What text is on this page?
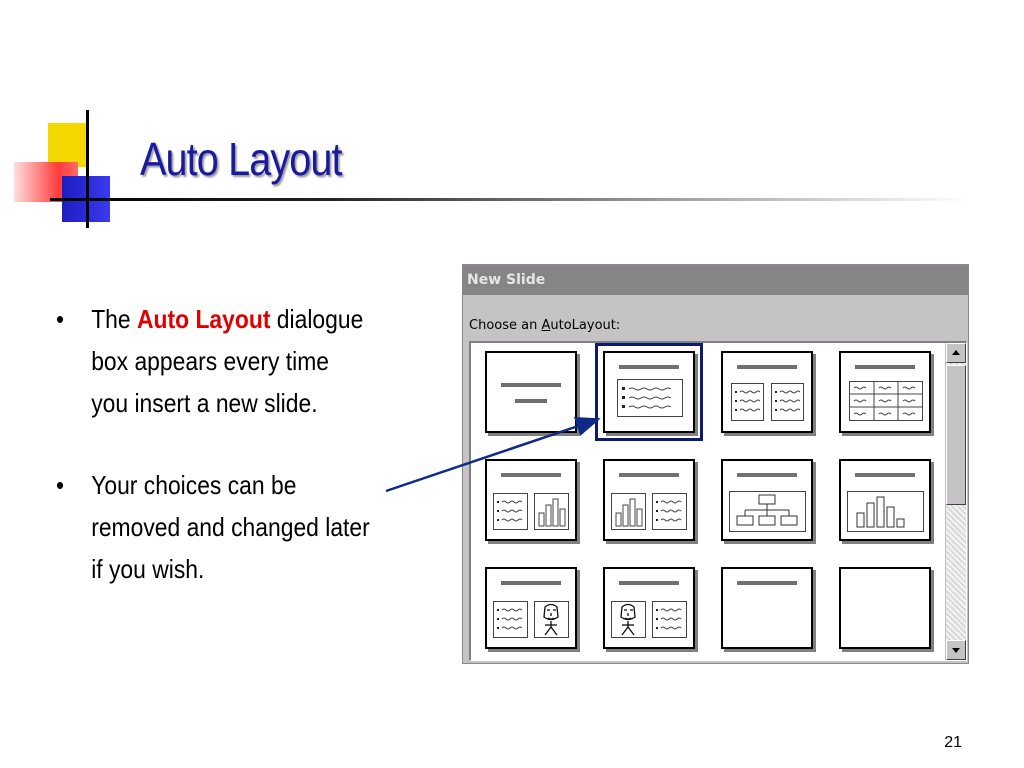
Auto Layout
• The Auto Layout dialogue
box appears every time
you insert a new slide.
• Your choices can be
removed and changed later
if you wish.
New Slide
Choose an AutoLayout:
21
